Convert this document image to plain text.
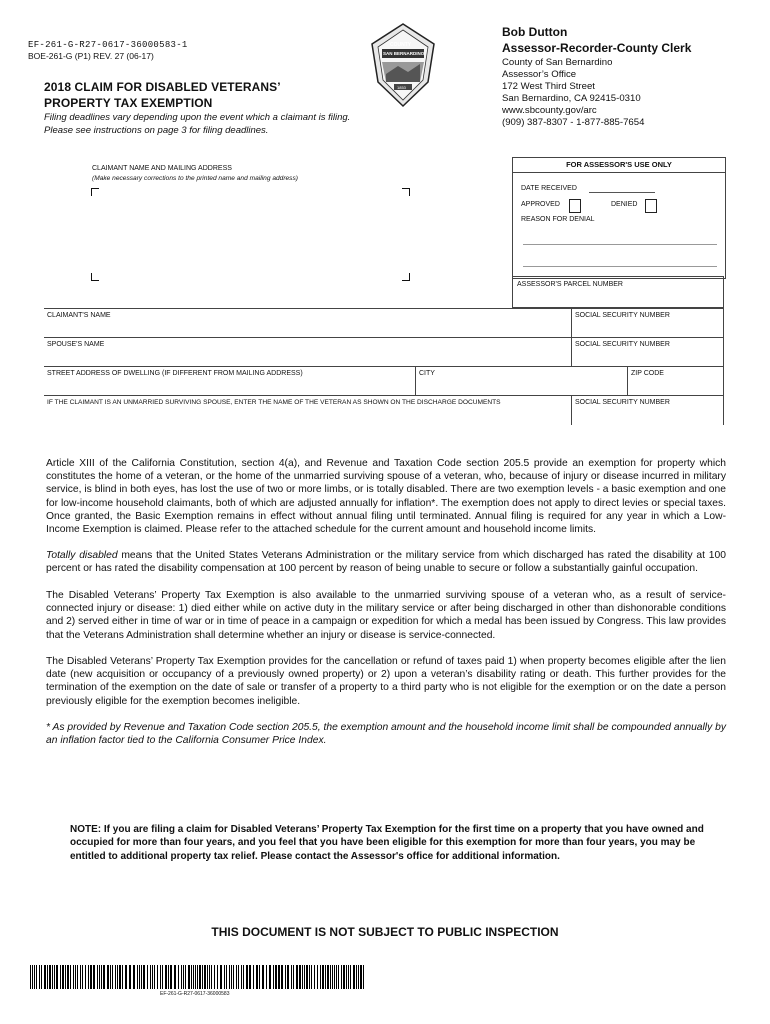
EF-261-G-R27-0617-36000583-1
BOE-261-G (P1) REV. 27 (06-17)
2018 CLAIM FOR DISABLED VETERANS’
PROPERTY TAX EXEMPTION
Filing deadlines vary depending upon the event which a claimant is filing.
Please see instructions on page 3 for filing deadlines.
COUNTY
SAN BERNARDINO
1853
Bob Dutton
Assessor-Recorder-County Clerk
County of San Bernardino
Assessor’s Office
172 West Third Street
San Bernardino, CA 92415-0310
www.sbcounty.gov/arc
(909) 387-8307 - 1-877-885-7654
CLAIMANT NAME AND MAILING ADDRESS
(Make necessary corrections to the printed name and mailing address)
FOR ASSESSOR'S USE ONLY
DATE RECEIVED
APPROVED	DENIED
REASON FOR DENIAL
ASSESSOR'S PARCEL NUMBER
CLAIMANT'S NAME	SOCIAL SECURITY NUMBER
SPOUSE'S NAME	SOCIAL SECURITY NUMBER
STREET ADDRESS OF DWELLING (IF DIFFERENT FROM MAILING ADDRESS)	CITY	ZIP CODE
IF THE CLAIMANT IS AN UNMARRIED SURVIVING SPOUSE, ENTER THE NAME OF THE VETERAN AS SHOWN ON THE DISCHARGE DOCUMENTS	SOCIAL SECURITY NUMBER
Article XIII of the California Constitution, section 4(a), and Revenue and Taxation Code section 205.5 provide an exemption for property which constitutes the home of a veteran, or the home of the unmarried surviving spouse of a veteran, who, because of injury or disease incurred in military service, is blind in both eyes, has lost the use of two or more limbs, or is totally disabled. There are two exemption levels - a basic exemption and one for low-income household claimants, both of which are adjusted annually for inflation*. The exemption does not apply to direct levies or special taxes. Once granted, the Basic Exemption remains in effect without annual filing until terminated. Annual filing is required for any year in which a Low-Income Exemption is claimed. Please refer to the attached schedule for the current amount and household income limits.
Totally disabled means that the United States Veterans Administration or the military service from which discharged has rated the disability at 100 percent or has rated the disability compensation at 100 percent by reason of being unable to secure or follow a substantially gainful occupation.
The Disabled Veterans’ Property Tax Exemption is also available to the unmarried surviving spouse of a veteran who, as a result of service-connected injury or disease: 1) died either while on active duty in the military service or after being discharged in other than dishonorable conditions and 2) served either in time of war or in time of peace in a campaign or expedition for which a medal has been issued by Congress. This law provides that the Veterans Administration shall determine whether an injury or disease is service-connected.
The Disabled Veterans’ Property Tax Exemption provides for the cancellation or refund of taxes paid 1) when property becomes eligible after the lien date (new acquisition or occupancy of a previously owned property) or 2) upon a veteran’s disability rating or death. This further provides for the termination of the exemption on the date of sale or transfer of a property to a third party who is not eligible for the exemption or on the date a person previously eligible for the exemption becomes ineligible.
* As provided by Revenue and Taxation Code section 205.5, the exemption amount and the household income limit shall be compounded annually by an inflation factor tied to the California Consumer Price Index.
NOTE: If you are filing a claim for Disabled Veterans’ Property Tax Exemption for the first time on a property that you have owned and occupied for more than four years, and you feel that you have been eligible for this exemption for more than four years, you may be entitled to additional property tax relief. Please contact the Assessor's office for additional information.
THIS DOCUMENT IS NOT SUBJECT TO PUBLIC INSPECTION
EF-261-G-R27-0617-36000583
